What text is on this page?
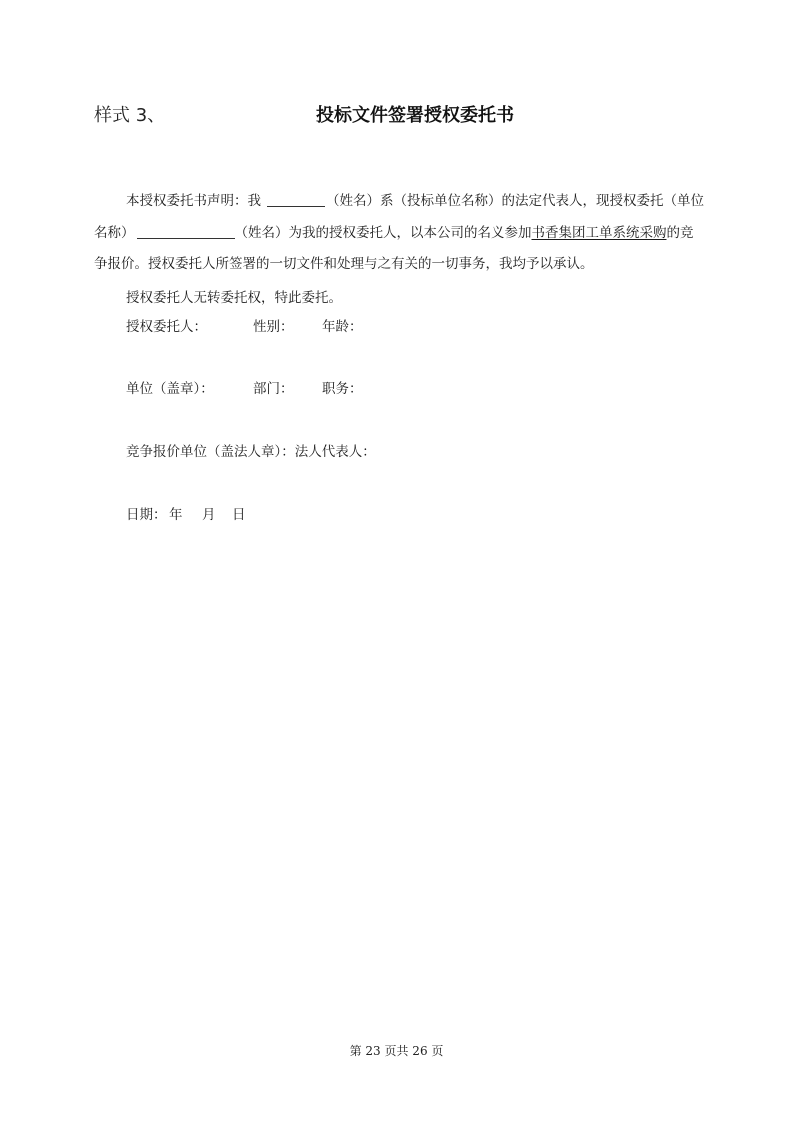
样式 3、	投标文件签署授权委托书
本授权委托书声明：我	（姓名）系（投标单位名称）的法定代表人，现授权委托（单位名称）	（姓名）为我的授权委托人，以本公司的名义参加书香集团工单系统采购的竞争报价。授权委托人所签署的一切文件和处理与之有关的一切事务，我均予以承认。
授权委托人无转委托权，特此委托。
授权委托人：	性别： 年龄：
单位（盖章）：	部门： 职务：
竞争报价单位（盖法人章）：法人代表人：
日期： 年 月 日
第 23 页共 26 页
